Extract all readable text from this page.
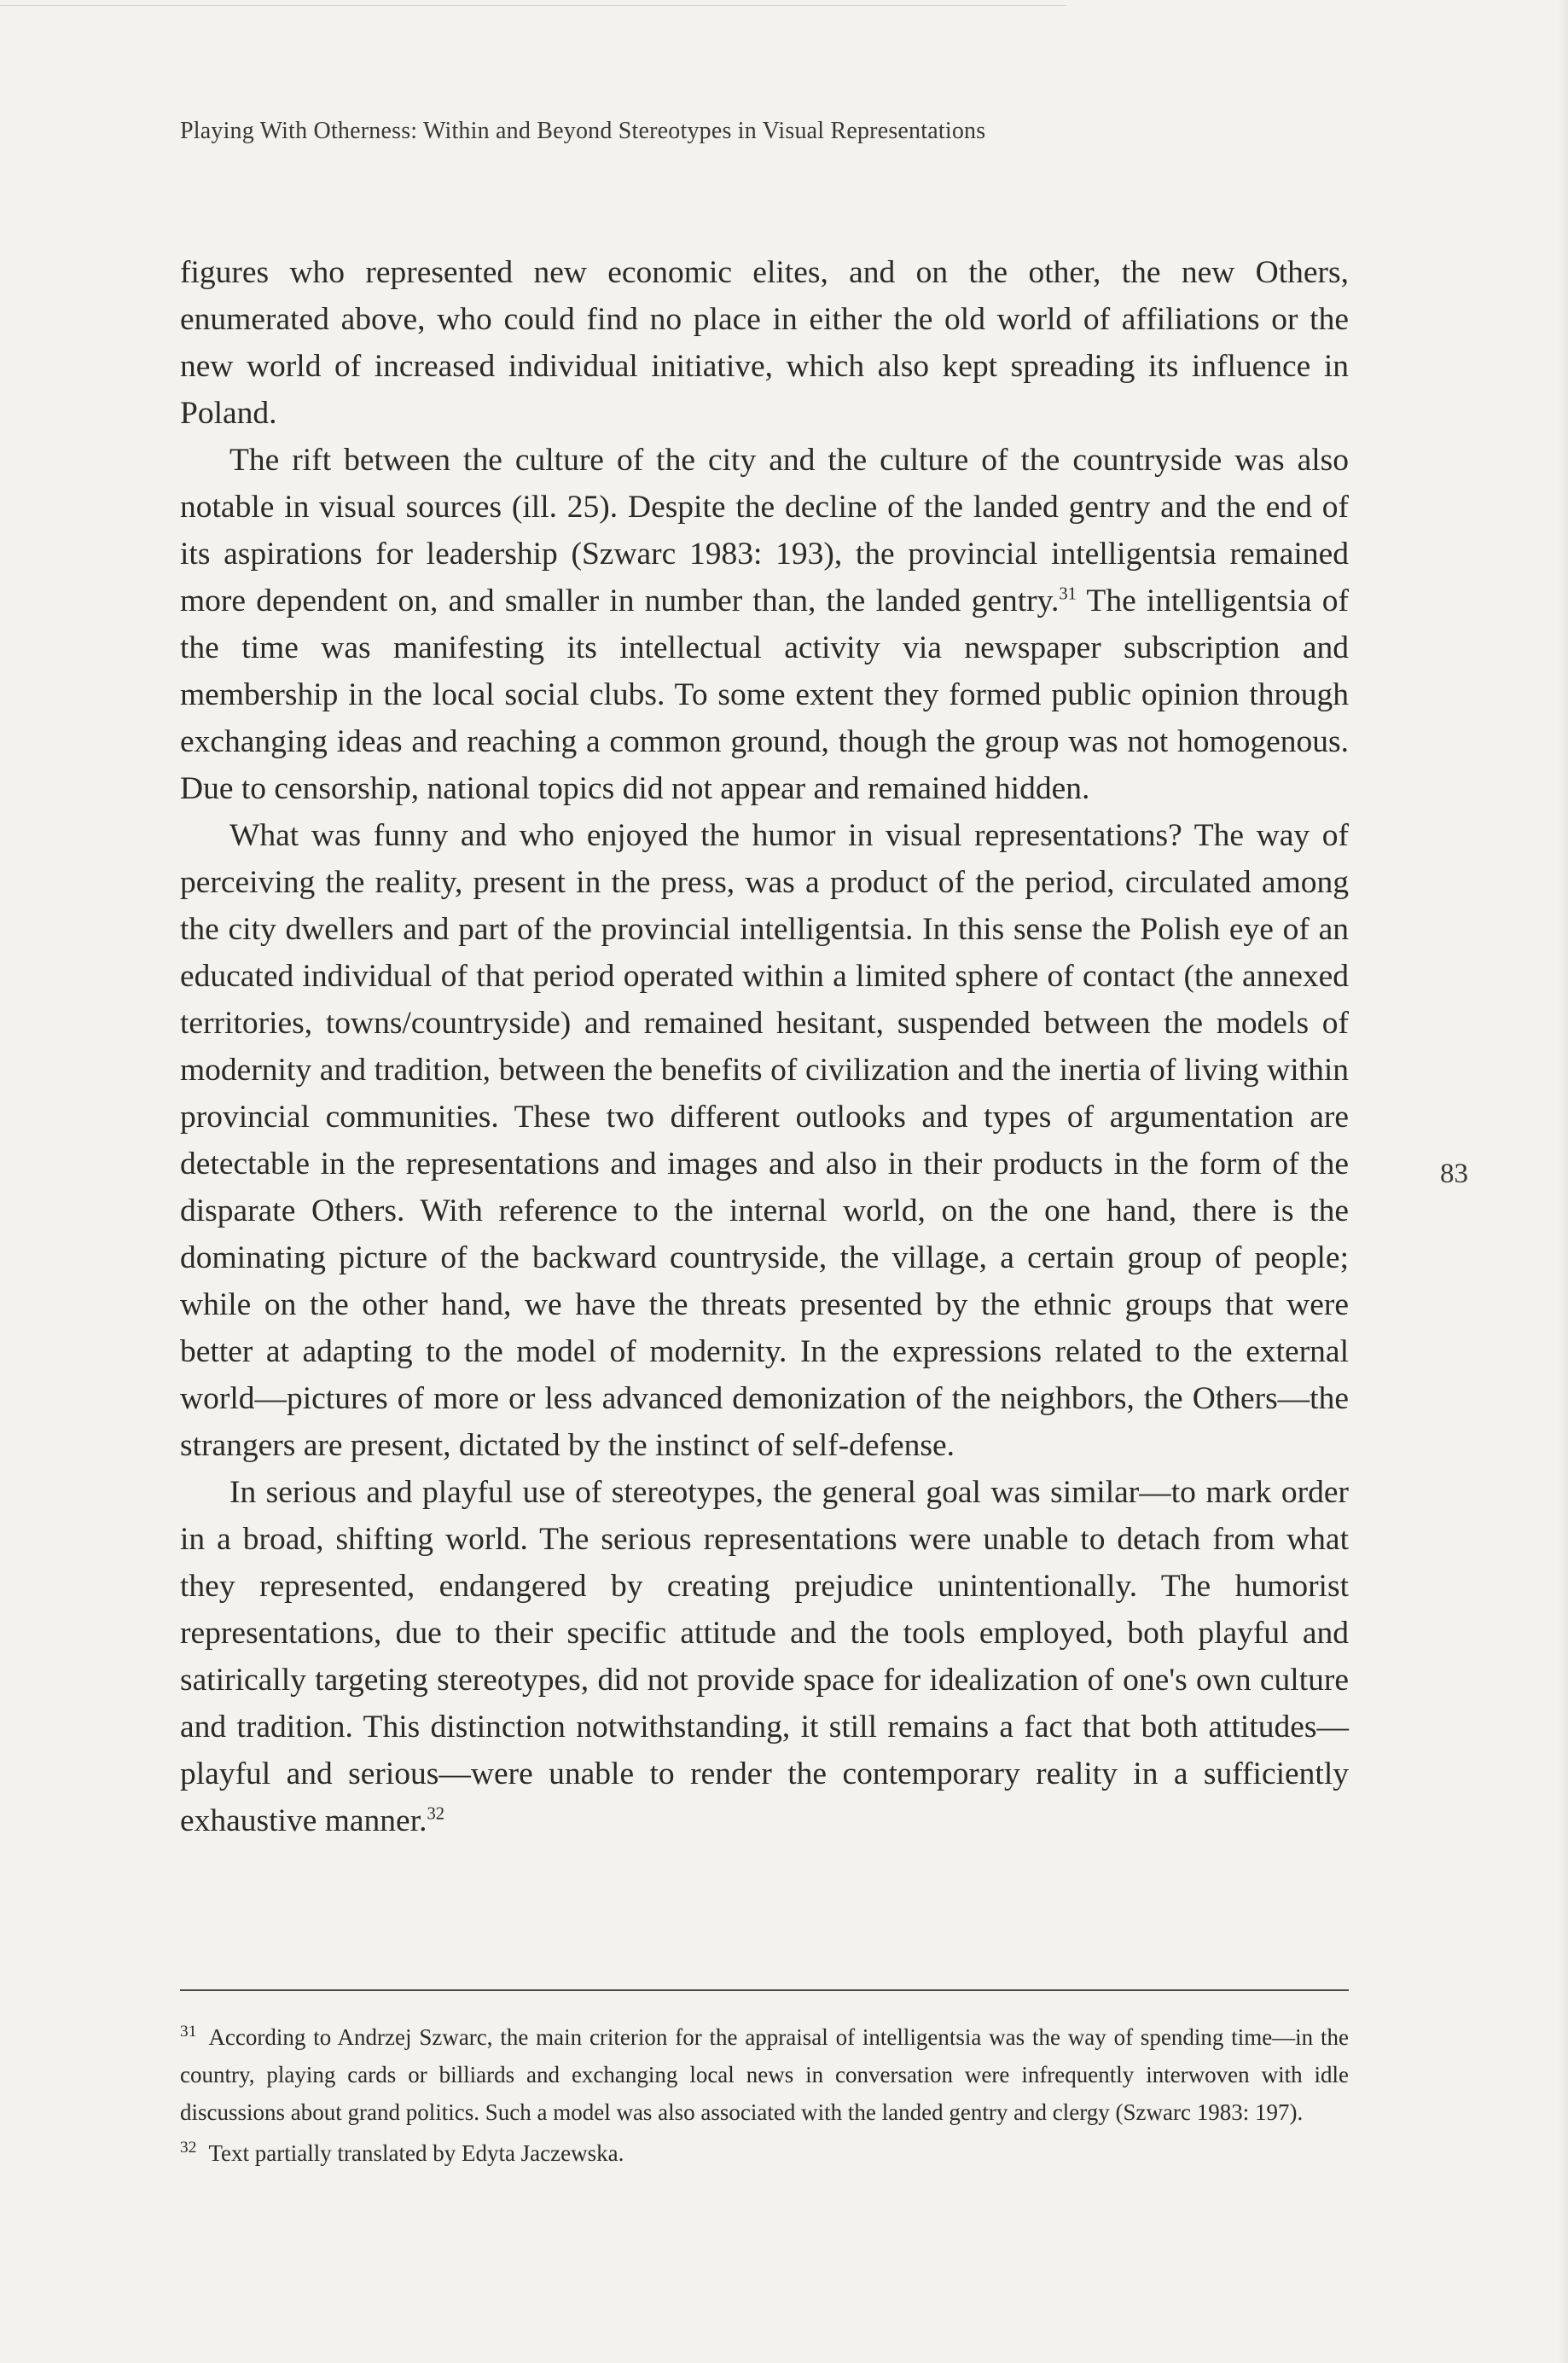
Playing With Otherness: Within and Beyond Stereotypes in Visual Representations
83

figures who represented new economic elites, and on the other, the new Others, enumerated above, who could find no place in either the old world of affiliations or the new world of increased individual initiative, which also kept spreading its influence in Poland.

The rift between the culture of the city and the culture of the countryside was also notable in visual sources (ill. 25). Despite the decline of the landed gentry and the end of its aspirations for leadership (Szwarc 1983: 193), the provincial intelligentsia remained more dependent on, and smaller in number than, the landed gentry.$^{31}$ The intelligentsia of the time was manifesting its intellectual activity via newspaper subscription and membership in the local social clubs. To some extent they formed public opinion through exchanging ideas and reaching a common ground, though the group was not homogenous. Due to censorship, national topics did not appear and remained hidden.

What was funny and who enjoyed the humor in visual representations? The way of perceiving the reality, present in the press, was a product of the period, circulated among the city dwellers and part of the provincial intelligentsia. In this sense the Polish eye of an educated individual of that period operated within a limited sphere of contact (the annexed territories, towns/countryside) and remained hesitant, suspended between the models of modernity and tradition, between the benefits of civilization and the inertia of living within provincial communities. These two different outlooks and types of argumentation are detectable in the representations and images and also in their products in the form of the disparate Others. With reference to the internal world, on the one hand, there is the dominating picture of the backward countryside, the village, a certain group of people; while on the other hand, we have the threats presented by the ethnic groups that were better at adapting to the model of modernity. In the expressions related to the external world—pictures of more or less advanced demonization of the neighbors, the Others—the strangers are present, dictated by the instinct of self-defense.

In serious and playful use of stereotypes, the general goal was similar—to mark order in a broad, shifting world. The serious representations were unable to detach from what they represented, endangered by creating prejudice unintentionally. The humorist representations, due to their specific attitude and the tools employed, both playful and satirically targeting stereotypes, did not provide space for idealization of one's own culture and tradition. This distinction notwithstanding, it still remains a fact that both attitudes—playful and serious—were unable to render the contemporary reality in a sufficiently exhaustive manner.$^{32}$

$^{31}$ According to Andrzej Szwarc, the main criterion for the appraisal of intelligentsia was the way of spending time—in the country, playing cards or billiards and exchanging local news in conversation were infrequently interwoven with idle discussions about grand politics. Such a model was also associated with the landed gentry and clergy (Szwarc 1983: 197).

$^{32}$ Text partially translated by Edyta Jaczewska.
